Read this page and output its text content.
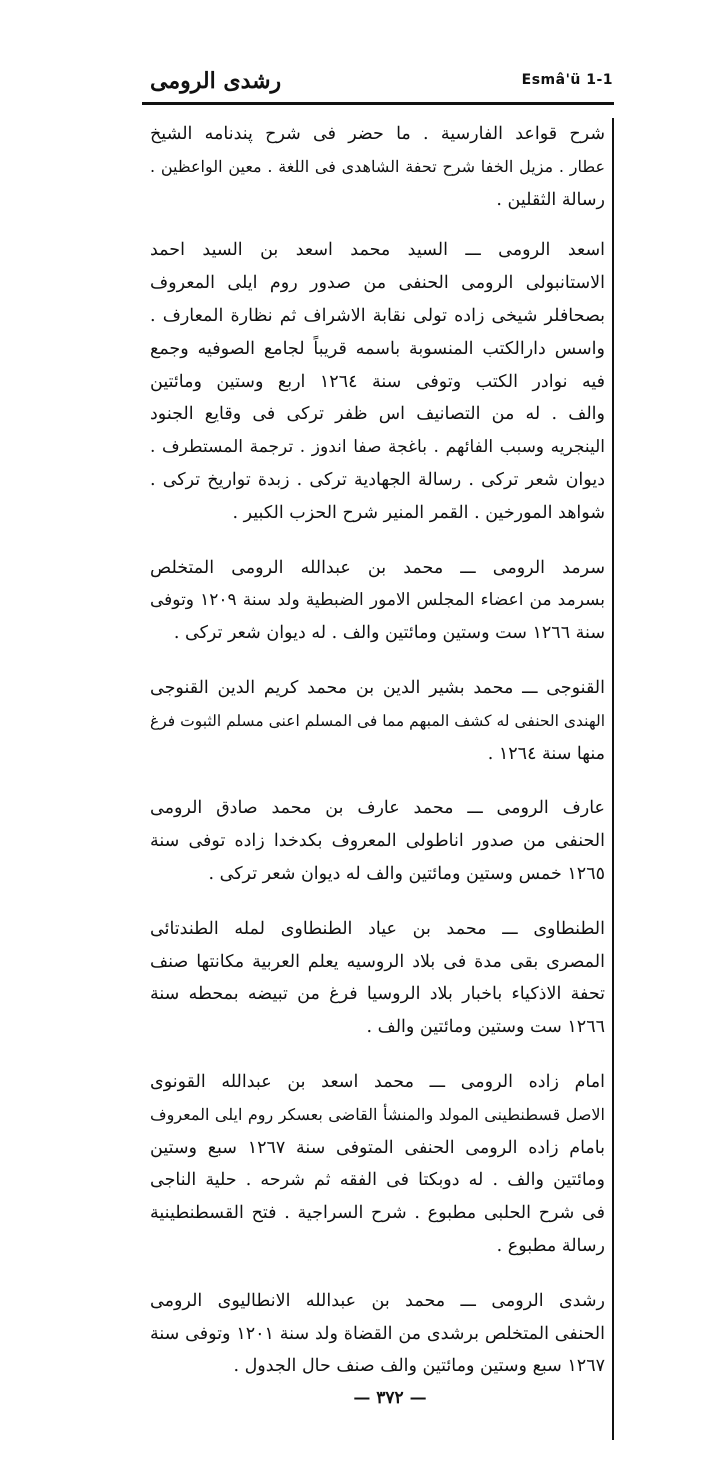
رشدى الرومى	Esmâ'ü 1-1
شرح قواعد الفارسية . ما حضر فى شرح پندنامه الشيخ
عطار . مزيل الخفا شرح تحفة الشاهدى فى اللغة . معين الواعظين .
رسالة الثقلين .
اسعد الرومى ـــ السيد محمد اسعد بن السيد احمد
الاستانبولى الرومى الحنفى من صدور روم ايلى المعروف
بصحافلر شيخى زاده تولى نقابة الاشراف ثم نظارة المعارف .
واسس دارالكتب المنسوبة باسمه قريباً لجامع الصوفيه وجمع
فيه نوادر الكتب وتوفى سنة ١٢٦٤ اربع وستين ومائتين
والف . له من التصانيف اس ظفر تركى فى وقايع الجنود
الينجريه وسبب الفائهم . باغجة صفا اندوز . ترجمة المستطرف .
ديوان شعر تركى . رسالة الجهادية تركى . زبدة تواريخ تركى .
شواهد المورخين . القمر المنير شرح الحزب الكبير .
سرمد الرومى ـــ محمد بن عبدالله الرومى المتخلص
بسرمد من اعضاء المجلس الامور الضبطية ولد سنة ١٢٠٩ وتوفى
سنة ١٢٦٦ ست وستين ومائتين والف . له ديوان شعر تركى .
القنوجى ـــ محمد بشير الدين بن محمد كريم الدين القنوجى
الهندى الحنفى له كشف المبهم مما فى المسلم اعنى مسلم الثبوت فرغ
منها سنة ١٢٦٤ .
عارف الرومى ـــ محمد عارف بن محمد صادق الرومى
الحنفى من صدور اناطولى المعروف بكدخدا زاده توفى سنة
١٢٦٥ خمس وستين ومائتين والف له ديوان شعر تركى .
الطنطاوى ـــ محمد بن عياد الطنطاوى لمله الطندتائى
المصرى بقى مدة فى بلاد الروسيه يعلم العربية مكانتها صنف
تحفة الاذكياء باخبار بلاد الروسيا فرغ من تبيضه بمحطه سنة
١٢٦٦ ست وستين ومائتين والف .
امام زاده الرومى ـــ محمد اسعد بن عبدالله القونوى
الاصل قسطنطينى المولد والمنشأ القاضى بعسكر روم ايلى المعروف
بامام زاده الرومى الحنفى المتوفى سنة ١٢٦٧ سبع وستين
ومائتين والف . له دوبكتا فى الفقه ثم شرحه . حلية الناجى
فى شرح الحلبى مطبوع . شرح السراجية . فتح القسطنطينية
رسالة مطبوع .
رشدى الرومى ـــ محمد بن عبدالله الانطاليوى الرومى
الحنفى المتخلص برشدى من القضاة ولد سنة ١٢٠١ وتوفى سنة
١٢٦٧ سبع وستين ومائتين والف صنف حال الجدول .
— ٣٧٢ —
